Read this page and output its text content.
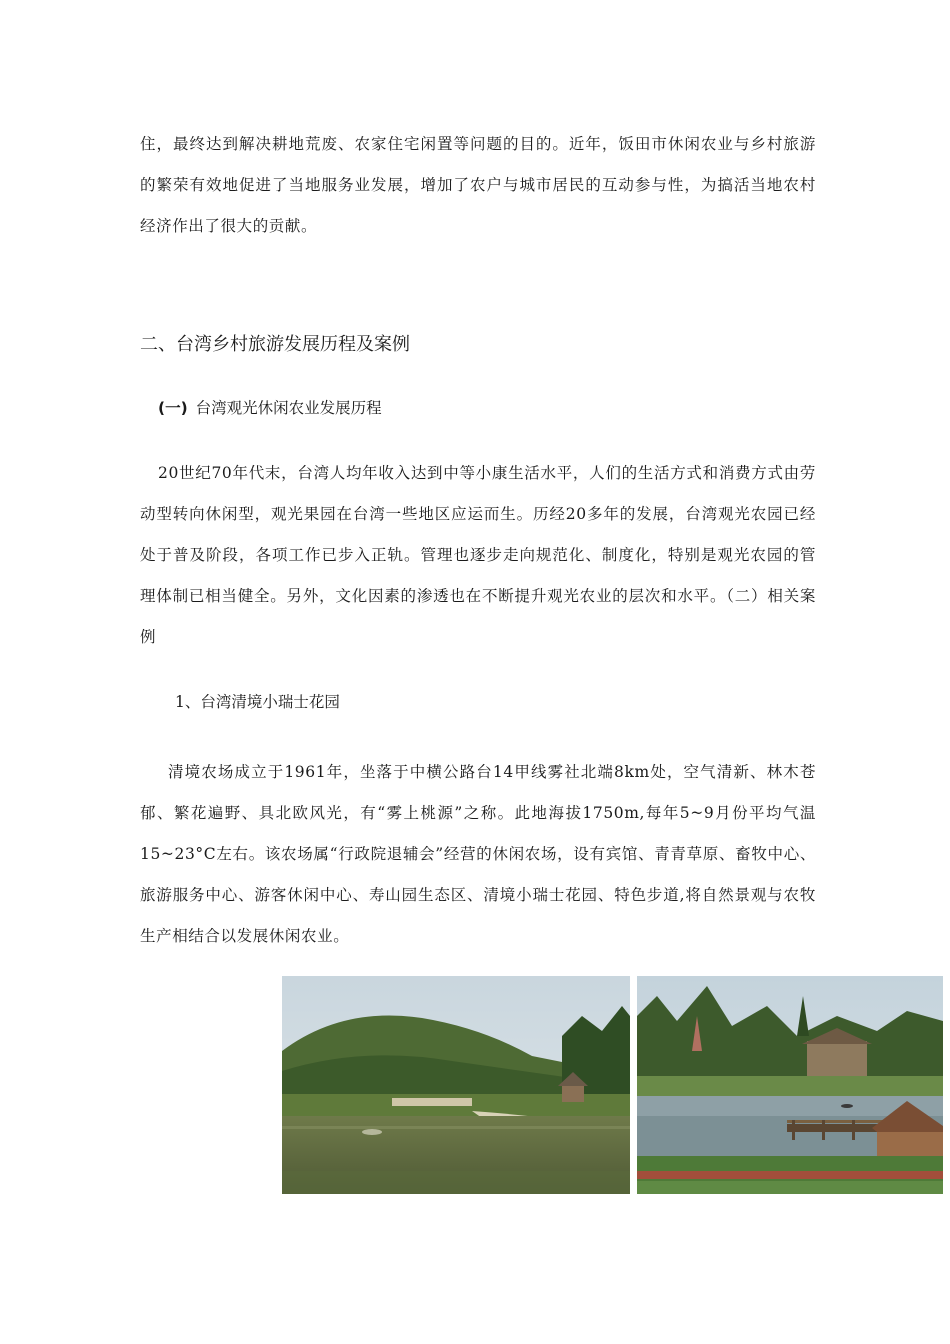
住，最终达到解决耕地荒废、农家住宅闲置等问题的目的。近年，饭田市休闲农业与乡村旅游的繁荣有效地促进了当地服务业发展，增加了农户与城市居民的互动参与性，为搞活当地农村经济作出了很大的贡献。

二、台湾乡村旅游发展历程及案例
(一) 台湾观光休闲农业发展历程

20世纪70年代末，台湾人均年收入达到中等小康生活水平，人们的生活方式和消费方式由劳动型转向休闲型，观光果园在台湾一些地区应运而生。历经20多年的发展，台湾观光农园已经处于普及阶段，各项工作已步入正轨。管理也逐步走向规范化、制度化，特别是观光农园的管理体制已相当健全。另外，文化因素的渗透也在不断提升观光农业的层次和水平。（二）相关案例

1、台湾清境小瑞士花园

清境农场成立于1961年，坐落于中横公路台14甲线雾社北端8km处，空气清新、林木苍郁、繁花遍野、具北欧风光，有“雾上桃源”之称。此地海拔1750m,每年5~9月份平均气温15~23°C左右。该农场属“行政院退辅会”经营的休闲农场，设有宾馆、青青草原、畜牧中心、旅游服务中心、游客休闲中心、寿山园生态区、清境小瑞士花园、特色步道,将自然景观与农牧生产相结合以发展休闲农业。
